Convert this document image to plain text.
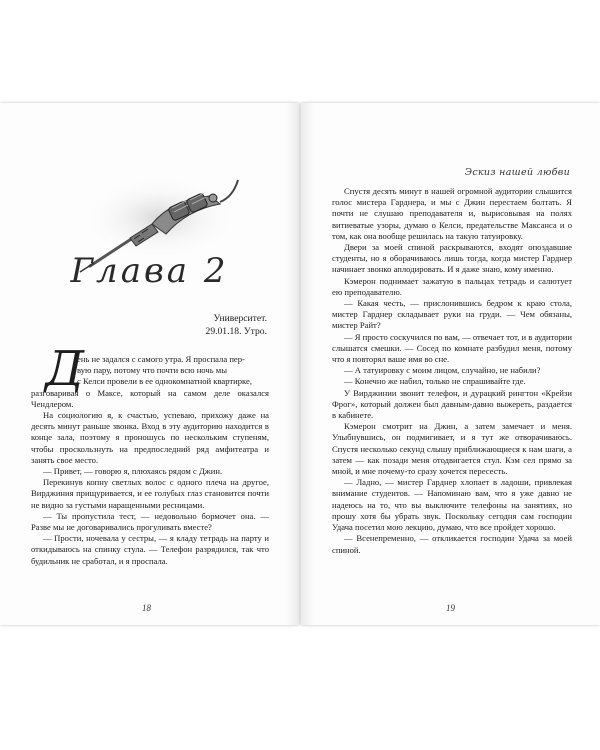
Глава 2
Университет.
29.01.18. Утро.
Д
ень не задался с самого утра. Я проспала пер-
вую пару, потому что почти всю ночь мы
с Келси провели в ее однокомнатной квартирке,
разговаривая о Максе, который на самом деле оказался Чендлером.

На социологию я, к счастью, успеваю, прихожу даже на десять минут раньше звонка. Вход в эту аудиторию находится в конце зала, поэтому я проношусь по нескольким ступеням, чтобы проскользнуть на предпоследний ряд амфитеатра и занять свое место.

— Привет, — говорю я, плюхаясь рядом с Джин.

Перекинув копну светлых волос с одного плеча на другое, Вирджиния прищуривается, и ее голубых глаз становится почти не видно за густыми наращенными ресницами.

— Ты пропустила тест, — недовольно бормочет она. — Разве мы не договаривались прогуливать вместе?

— Прости, ночевала у сестры, — я кладу тетрадь на парту и откидываюсь на спинку стула. — Телефон разрядился, так что будильник не сработал, и я проспала.

18
Эскиз нашей любви

Спустя десять минут в нашей огромной аудитории слышится голос мистера Гарднера, и мы с Джин перестаем болтать. Я почти не слушаю преподавателя и, вырисовывая на полях витиеватые узоры, думаю о Келси, предательстве Максанса и о том, как она вообще решилась на такую татуировку.

Двери за моей спиной раскрываются, входят опоздавшие студенты, но я оборачиваюсь лишь тогда, когда мистер Гарднер начинает звонко аплодировать. И я даже знаю, кому именно.

Кэмерон поднимает зажатую в пальцах тетрадь и салютует ею преподавателю.

— Какая честь, — прислонившись бедром к краю стола, мистер Гарднер складывает руки на груди. — Чем обязаны, мистер Райт?

— Я просто соскучился по вам, — отвечает тот, и в аудитории слышатся смешки. — Сосед по комнате разбудил меня, потому что я повторял ваше имя во сне.

— А татуировку с моим лицом, случайно, не набили?

— Конечно же набил, только не спрашивайте где.

У Вирджинии звонит телефон, и дурацкий рингтон «Крейзи Фрог», который должен был давным-давно выжереть, раздается в кабинете.

Кэмерон смотрит на Джин, а затем замечает и меня. Улыбнувшись, он подмигивает, и я тут же отворачиваюсь. Спустя несколько секунд слышу приближающиеся к нам шаги, а затем — как позади меня отодвигается стул. Кэм сел прямо за мной, и мне почему-то сразу хочется пересесть.

— Ладно, — мистер Гарднер хлопает в ладоши, привлекая внимание студентов. — Напоминаю вам, что я уже давно не надеюсь на то, что вы выключите телефоны на занятиях, но прошу хотя бы убрать звук. Поскольку сегодня сам господин Удача посетил мою лекцию, думаю, что все пройдет хорошо.

— Всенепременно, — откликается господин Удача за моей спиной.

19
